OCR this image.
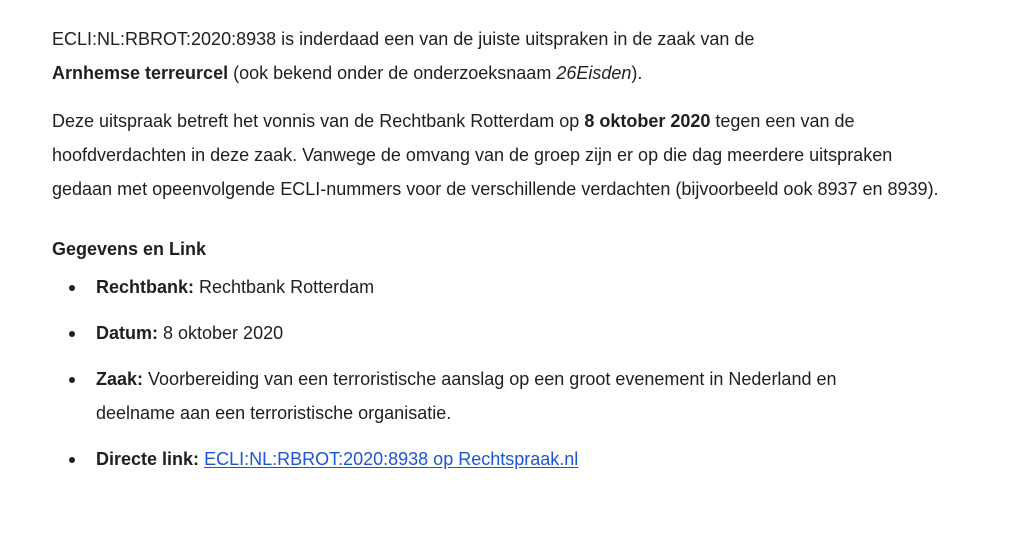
ECLI:NL:RBROT:2020:8938 is inderdaad een van de juiste uitspraken in de zaak van de
Arnhemse terreurcel (ook bekend onder de onderzoeksnaam 26Eisden).

Deze uitspraak betreft het vonnis van de Rechtbank Rotterdam op 8 oktober 2020 tegen een van de hoofdverdachten in deze zaak. Vanwege de omvang van de groep zijn er op die dag meerdere uitspraken gedaan met opeenvolgende ECLI-nummers voor de verschillende verdachten (bijvoorbeeld ook 8937 en 8939).

Gegevens en Link
Rechtbank: Rechtbank Rotterdam
Datum: 8 oktober 2020
Zaak: Voorbereiding van een terroristische aanslag op een groot evenement in Nederland en deelname aan een terroristische organisatie.
Directe link: ECLI:NL:RBROT:2020:8938 op Rechtspraak.nl
